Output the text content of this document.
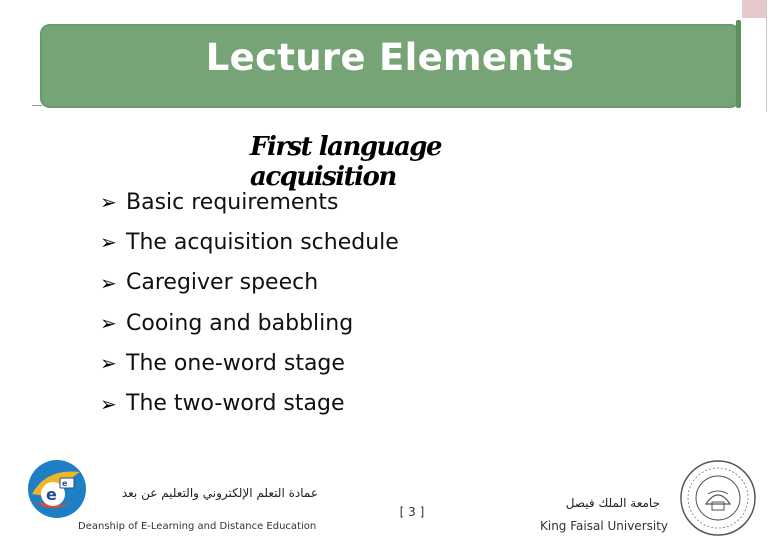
Lecture Elements
First language acquisition
➢ Basic requirements
➢ The acquisition schedule
➢ Caregiver speech
➢ Cooing and babbling
➢ The one-word stage
➢ The two-word stage
e
e
عمادة التعلم الإلكتروني والتعليم عن بعد
Deanship of E-Learning and Distance Education
[ 3 ]
جامعة الملك فيصل
King Faisal University
